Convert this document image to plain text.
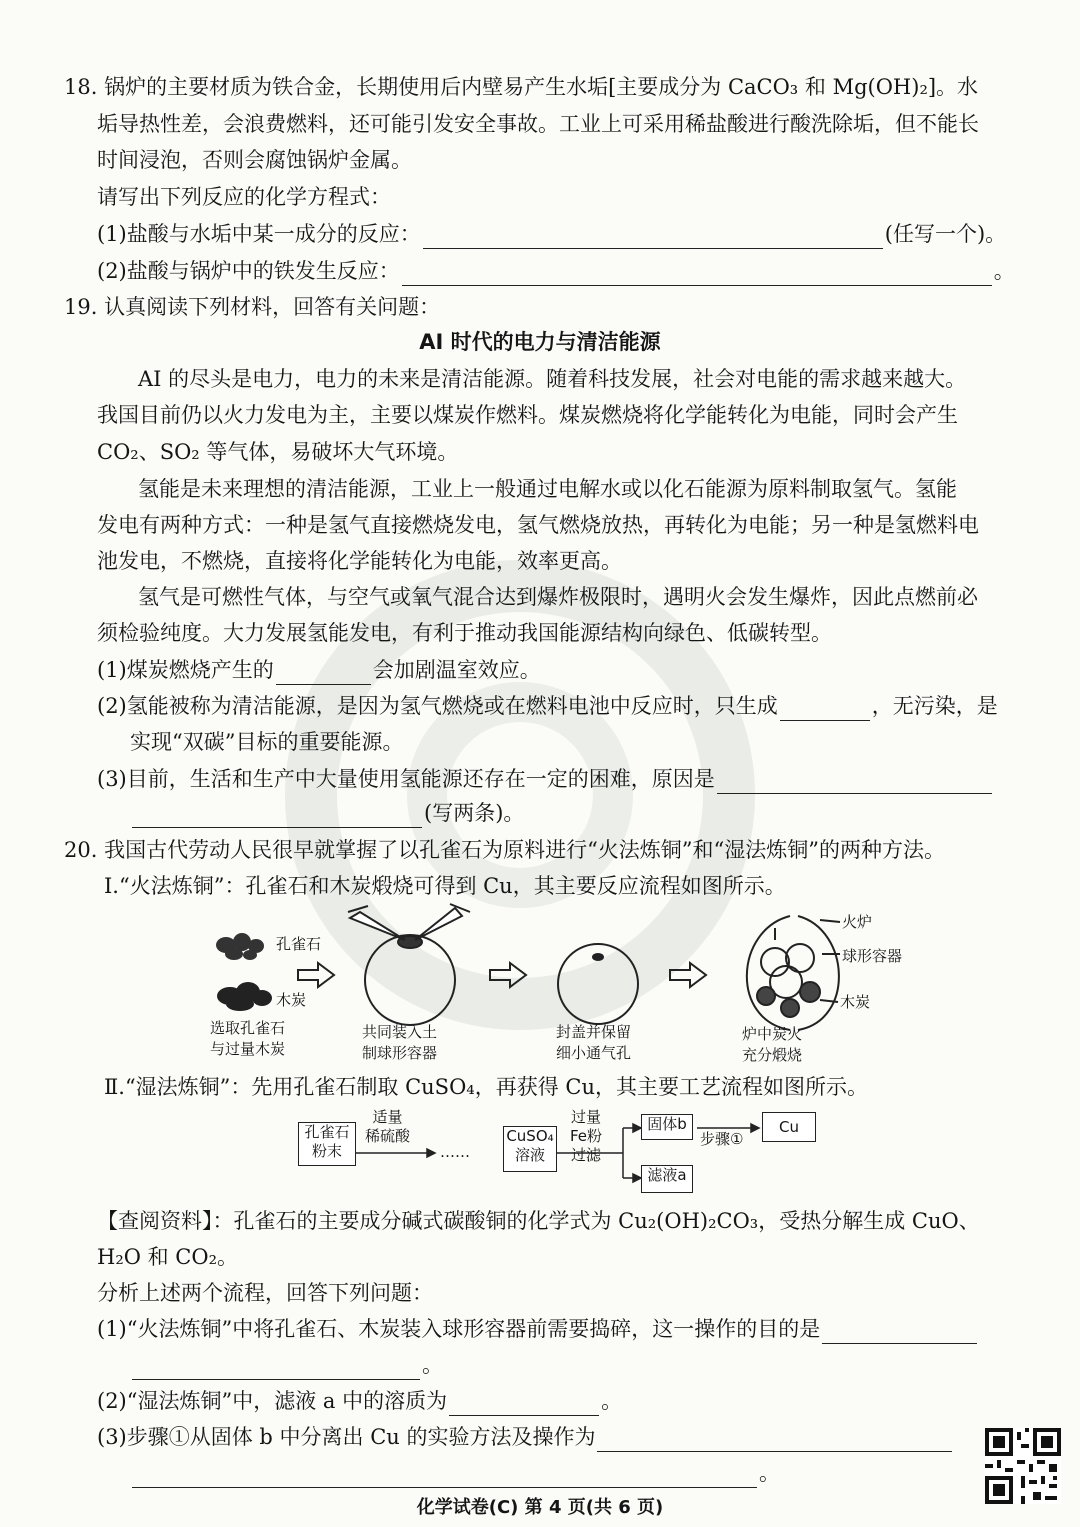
18. 锅炉的主要材质为铁合金，长期使用后内壁易产生水垢[主要成分为 CaCO₃ 和 Mg(OH)₂]。水
垢导热性差，会浪费燃料，还可能引发安全事故。工业上可采用稀盐酸进行酸洗除垢，但不能长
时间浸泡，否则会腐蚀锅炉金属。
请写出下列反应的化学方程式：
(1)盐酸与水垢中某一成分的反应：	(任写一个)。
(2)盐酸与锅炉中的铁发生反应：	。
19. 认真阅读下列材料，回答有关问题：
AI 时代的电力与清洁能源
AI 的尽头是电力，电力的未来是清洁能源。随着科技发展，社会对电能的需求越来越大。
我国目前仍以火力发电为主，主要以煤炭作燃料。煤炭燃烧将化学能转化为电能，同时会产生
CO₂、SO₂ 等气体，易破坏大气环境。
氢能是未来理想的清洁能源，工业上一般通过电解水或以化石能源为原料制取氢气。氢能
发电有两种方式：一种是氢气直接燃烧发电，氢气燃烧放热，再转化为电能；另一种是氢燃料电
池发电，不燃烧，直接将化学能转化为电能，效率更高。
氢气是可燃性气体，与空气或氧气混合达到爆炸极限时，遇明火会发生爆炸，因此点燃前必
须检验纯度。大力发展氢能发电，有利于推动我国能源结构向绿色、低碳转型。
(1)煤炭燃烧产生的	会加剧温室效应。
(2)氢能被称为清洁能源，是因为氢气燃烧或在燃料电池中反应时，只生成	，无污染，是
实现“双碳”目标的重要能源。
(3)目前，生活和生产中大量使用氢能源还存在一定的困难，原因是
(写两条)。
20. 我国古代劳动人民很早就掌握了以孔雀石为原料进行“火法炼铜”和“湿法炼铜”的两种方法。
Ⅰ.“火法炼铜”：孔雀石和木炭煅烧可得到 Cu，其主要反应流程如图所示。
孔雀石
木炭
选取孔雀石
与过量木炭
共同装入土
制球形容器
封盖并保留
细小通气孔
炉中炭火
充分煅烧
火炉
球形容器
木炭
Ⅱ.“湿法炼铜”：先用孔雀石制取 CuSO₄，再获得 Cu，其主要工艺流程如图所示。
孔雀石
粉末
适量
稀硫酸
……
CuSO₄
溶液
过量
Fe粉
过滤
固体b
步骤①
Cu
滤液a
【查阅资料】：孔雀石的主要成分碱式碳酸铜的化学式为 Cu₂(OH)₂CO₃，受热分解生成 CuO、
H₂O 和 CO₂。
分析上述两个流程，回答下列问题：
(1)“火法炼铜”中将孔雀石、木炭装入球形容器前需要捣碎，这一操作的目的是
。
(2)“湿法炼铜”中，滤液 a 中的溶质为	。
(3)步骤①从固体 b 中分离出 Cu 的实验方法及操作为
。
化学试卷(C) 第 4 页(共 6 页)
